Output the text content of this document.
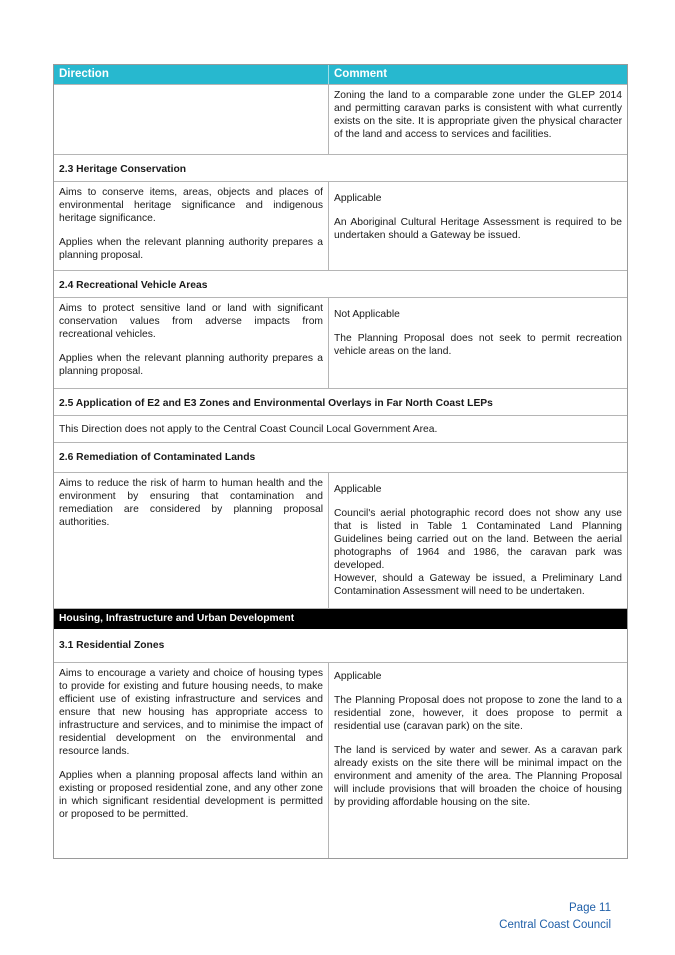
Direction	Comment
Zoning the land to a comparable zone under the GLEP 2014 and permitting caravan parks is consistent with what currently exists on the site. It is appropriate given the physical character of the land and access to services and facilities.
2.3 Heritage Conservation

Aims to conserve items, areas, objects and places of environmental heritage significance and indigenous heritage significance.

Applies when the relevant planning authority prepares a planning proposal.

Applicable

An Aboriginal Cultural Heritage Assessment is required to be undertaken should a Gateway be issued.

2.4 Recreational Vehicle Areas

Aims to protect sensitive land or land with significant conservation values from adverse impacts from recreational vehicles.

Applies when the relevant planning authority prepares a planning proposal.

Not Applicable

The Planning Proposal does not seek to permit recreation vehicle areas on the land.

2.5 Application of E2 and E3 Zones and Environmental Overlays in Far North Coast LEPs
This Direction does not apply to the Central Coast Council Local Government Area.
2.6 Remediation of Contaminated Lands

Aims to reduce the risk of harm to human health and the environment by ensuring that contamination and remediation are considered by planning proposal authorities.

Applicable

Council's aerial photographic record does not show any use that is listed in Table 1 Contaminated Land Planning Guidelines being carried out on the land. Between the aerial photographs of 1964 and 1986, the caravan park was developed.

However, should a Gateway be issued, a Preliminary Land Contamination Assessment will need to be undertaken.

Housing, Infrastructure and Urban Development
3.1 Residential Zones

Aims to encourage a variety and choice of housing types to provide for existing and future housing needs, to make efficient use of existing infrastructure and services and ensure that new housing has appropriate access to infrastructure and services, and to minimise the impact of residential development on the environmental and resource lands.

Applies when a planning proposal affects land within an existing or proposed residential zone, and any other zone in which significant residential development is permitted or proposed to be permitted.

Applicable

The Planning Proposal does not propose to zone the land to a residential zone, however, it does propose to permit a residential use (caravan park) on the site.

The land is serviced by water and sewer. As a caravan park already exists on the site there will be minimal impact on the environment and amenity of the area. The Planning Proposal will include provisions that will broaden the choice of housing by providing affordable housing on the site.

Page 11
Central Coast Council
